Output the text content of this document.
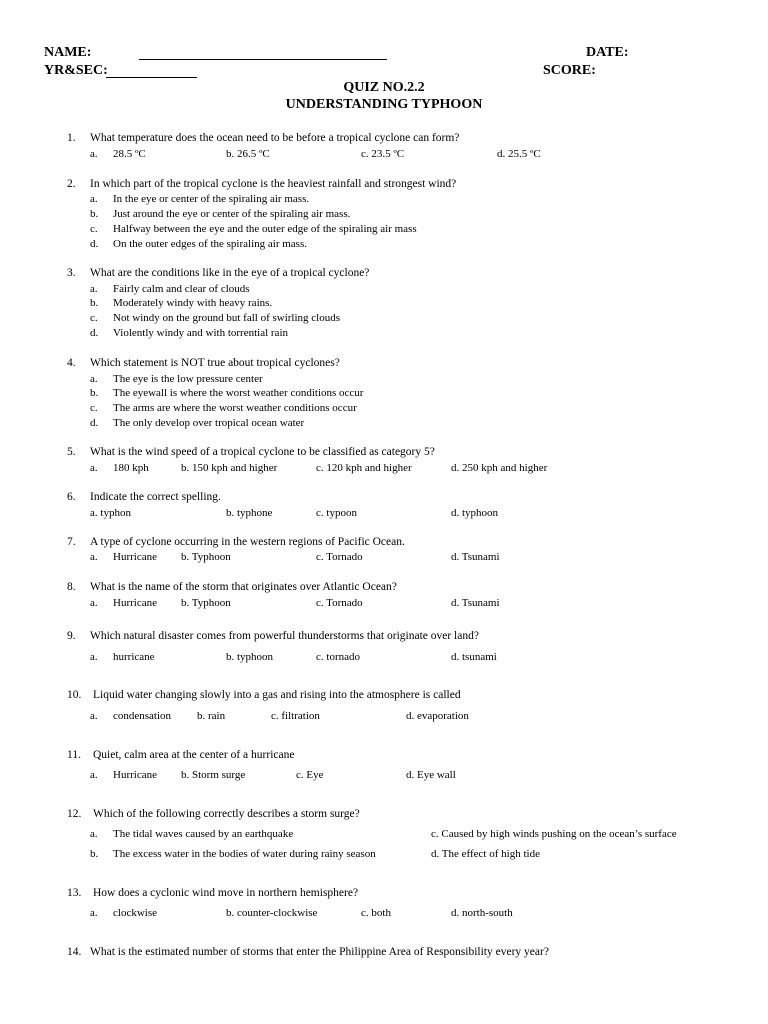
NAME:	DATE:
YR&SEC:	SCORE:
QUIZ NO.2.2
UNDERSTANDING TYPHOON
1. What temperature does the ocean need to be before a tropical cyclone can form?
a. 28.5 ºC	b. 26.5 ºC	c. 23.5 ºC	d. 25.5 ºC
2. In which part of the tropical cyclone is the heaviest rainfall and strongest wind?
a. In the eye or center of the spiraling air mass.
b. Just around the eye or center of the spiraling air mass.
c. Halfway between the eye and the outer edge of the spiraling air mass
d. On the outer edges of the spiraling air mass.
3. What are the conditions like in the eye of a tropical cyclone?
a. Fairly calm and clear of clouds
b. Moderately windy with heavy rains.
c. Not windy on the ground but fall of swirling clouds
d. Violently windy and with torrential rain
4. Which statement is NOT true about tropical cyclones?
a. The eye is the low pressure center
b. The eyewall is where the worst weather conditions occur
c. The arms are where the worst weather conditions occur
d. The only develop over tropical ocean water
5. What is the wind speed of a tropical cyclone to be classified as category 5?
a. 180 kph	b. 150 kph and higher	c. 120 kph and higher	d. 250 kph and higher
6. Indicate the correct spelling.
a. typhon	b. typhone	c. typoon	d. typhoon
7. A type of cyclone occurring in the western regions of Pacific Ocean.
a. Hurricane b. Typhoon	c. Tornado	d. Tsunami
8. What is the name of the storm that originates over Atlantic Ocean?
a. Hurricane b. Typhoon	c. Tornado	d. Tsunami
9. Which natural disaster comes from powerful thunderstorms that originate over land?
a. hurricane	b. typhoon	c. tornado	d. tsunami
10. Liquid water changing slowly into a gas and rising into the atmosphere is called
a. condensation b. rain	c. filtration	d. evaporation
11. Quiet, calm area at the center of a hurricane
a. Hurricane b. Storm surge	c. Eye	d. Eye wall
12. Which of the following correctly describes a storm surge?
a. The tidal waves caused by an earthquake	c. Caused by high winds pushing on the ocean’s surface
b. The excess water in the bodies of water during rainy season	d. The effect of high tide
13. How does a cyclonic wind move in northern hemisphere?
a. clockwise	b. counter-clockwise	c. both	d. north-south
14. What is the estimated number of storms that enter the Philippine Area of Responsibility every year?
